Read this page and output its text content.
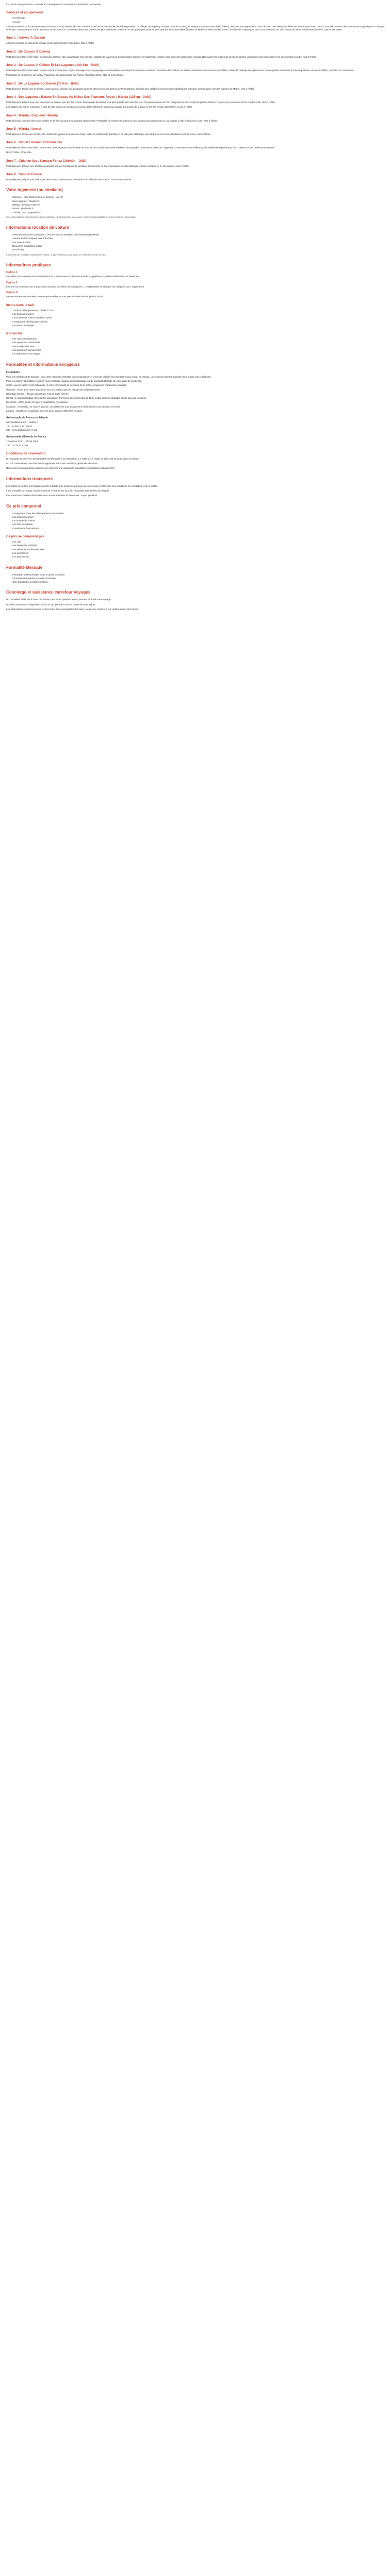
Ce circuit vous permettra ! Un voile en compagnie au Connemara Connemara Connemara.

Services et équipements
• Covoiturage
• Accueil

Ici vous arriverez en fin de découverte de l'Irlande et de l'ensemble des chemins à pied et de l'ensemble des hébergements, du village, auberges qu'au (De Cave de l'Ouest) de Westport au cœur des cités côtières, dans les montagnes et au bord de mer. De Galway à Clifden en passant par le lac Corrib, vous découvrirez des panoramas magnifiques et chargés d'histoire. Cette aventure vous permettra de découvrir le Connemara dans ses recoins les plus préservés, le Burren et ses paysages lunaires ainsi que les incontournables falaises de Moher et enfin les îles d'Aran. Profitez de chaque jour pour vous détendre, en découvrant le calme et l'authenticité de la culture irlandaise.

Jour 1 : Arrivée À Cassou

Accueil et remise du carnet de voyage et des documents à votre hôtel. Nuit à l'hôtel.

Jour 2 : De Cassou À Galway

Petit déjeuner dans votre hôtel. Départ pour Galway, ville universitaire très animée, capitale de la province du Connacht. Galway est également réputée pour son riche patrimoine musical. Découvrez les ruelles de la ville et laissez-vous porter par l'atmosphère de ses nombreux pubs. Nuit à l'hôtel.

Jour 2 : De Cassou À Clifden Et Les Lagunes (140 Km - 3h20)

Petit déjeuner dans votre hôtel. Départ vers le Connemara, région sauvage dont les paysages spectaculaires ont inspiré de nombreux artistes. Traversée des collines de Maam et des lacs des environs de Clifden. Visite de l'abbaye de Kylemore et de ses jardins victoriens. En fin de journée, arrivée à Clifden, capitale du Connemara.

Possibilité de randonnée sur la Sky Road avec ses panoramas sur l'océan Atlantique. Dîner libre et nuit à l'hôtel.

Jour 3 : De La Lagune Du Burren (72 Km - 1h40)

Petit déjeuner. Route vers le Burren, vaste plateau calcaire aux paysages lunaires. Découverte du dolmen de Poulnabrone, l'un des plus célèbres monuments mégalithiques d'Irlande. Continuation vers les falaises de Moher. Nuit à l'hôtel.

Jour 4 : Des Lagunes / Balade En Bateau Au Milieu Des Flamants Roses / Mérida (125km - 2h30)

Petit déjeuner. Départ pour une excursion en bateau vers les îles d'Aran. Découverte d'Inishmore, la plus grande des trois îles, son fort préhistorique de Dún Aonghasa et ses murets de pierres sèches. Retour sur le continent en fin d'après-midi. Nuit à l'hôtel.

Les falaises de Moher culminent à plus de 200 mètres au-dessus de l'océan. Elles offrent un panorama unique sur la baie de Galway et les îles d'Aran. Dîner libre et nuit à l'hôtel.

Jour 4 : Mérida / Cozumel / Mérida

Petit déjeuner. Journée libre pour profiter de la ville ou pour des activités optionnelles. Possibilité de randonnées dans le parc national du Connemara ou de balade à vélo le long de la côte. Nuit à l'hôtel.

Jour 5 : Mérida / Uxmal

Petit déjeuner. Route vers Ennis, ville médiévale typique du comté de Clare. Visite du château de Bunratty et de son parc folklorique qui retrace la vie rurale irlandaise au XIXe siècle. Nuit à l'hôtel.

Jour 6 : Uxmal / Izamal / Chichen Itza

Petit déjeuner dans votre hôtel. Route vers Limerick puis Cashel. Visite du Rocher de Cashel, ensemble médiéval remarquable dominant la plaine du Tipperary. Continuation vers Kilkenny, cité médiévale réputée pour son château et ses ruelles pittoresques.

Nuit à l'hôtel. Dîner libre.

Jour 7 : Chichen Itza / Cancun Fonaz Chichén – 2h30

Petit déjeuner. Départ vers Dublin en passant par les montagnes de Wicklow. Découverte du site monastique de Glendalough. Arrivée à Dublin en fin de journée. Nuit à l'hôtel.

Jour 8 : Cancun France

Petit déjeuner. Départ pour l'aéroport selon votre horaire de vol. Restitution du véhicule de location. Fin de nos services.

Votre logement (ou similaire)
• Cancun : Hôtel Chichen Itza ou Cancun Hotel 4*
• Mes Lagunes : Chalets 3*
• Mérida : Boutique Hôtel 4*
• Uxmal : Hacienda 4*
• Chichen Itza : Mayaland 4*

Ces informations sont données à titre indicatif. L'hébergement peut varier selon la disponibilité au moment de la réservation.

Informations location de voiture
• Véhicule de location catégorie C (Ford Focus ou similaire) avec kilométrage illimité
• Assurance tous risques avec franchise
• Les taxes locales
• Deuxième conducteur inclus
• GPS inclus

Le permis de conduire national est requis. L'âge minimum pour louer un véhicule est de 23 ans.

Informations pratiques
Option 1

Les offres sont valables pour un minimum de 2 personnes en chambre double. Supplément chambre individuelle sur demande.

Option 2

Les prix sont calculés sur la base d'une location de voiture de catégorie C. Il est possible de changer de catégorie avec supplément.

Option 3

Les excursions mentionnées comme optionnelles ne sont pas incluses dans le prix du circuit.

Inclus dans le tarif
• 7 nuits d'hébergement en hôtels 3* et 4*
• Les petits déjeuners
• La location de voiture pendant 7 jours
• L'assistance téléphonique 24h/24
• Le carnet de voyage
Non inclus
• Les vols internationaux
• Les repas non mentionnés
• Les entrées des sites
• Les dépenses personnelles
• Le carburant et les péages
Formalités et informations voyageurs
Formalités

Pour les ressortissants français : une carte nationale d'identité ou un passeport en cours de validité est nécessaire pour entrer en Irlande. Les mineurs doivent posséder leur propre pièce d'identité.

Pour les autres nationalités, veuillez vous renseigner auprès de l'ambassade ou du consulat d'Irlande de votre pays de résidence.

Santé : aucun vaccin n'est obligatoire. Il est recommandé de se munir de la carte européenne d'assurance maladie.

Monnaie : l'euro. Les cartes bancaires sont acceptées dans la plupart des établissements.

Décalage horaire : -1h par rapport à la France toute l'année.

Climat : le climat irlandais est tempéré océanique. Prévoyez des vêtements de pluie et des couches chaudes quelle que soit la saison.

Électricité : 230V, prises de type G (adaptateur nécessaire).

Conduite : en Irlande, on roule à gauche. Les distances sont indiquées en kilomètres et les vitesses en km/h.

Langue : l'anglais et le gaélique sont les deux langues officielles du pays.

Ambassade de France en Irlande

66 Fitzwilliam Lane – Dublin 2

Tél. : (+353) 1 277 50 00

Site : www.ambafrance-ie.org

Ambassade d'Irlande en France

12 avenue Foch – 75116 Paris

Tél. : 01 44 17 67 00

Conditions de réservation

Un acompte de 30 % du montant total est demandé à la réservation. Le solde est à régler au plus tard 30 jours avant le départ.

En cas d'annulation, des frais seront appliqués selon les conditions générales de vente.

Nous vous recommandons vivement de souscrire une assurance annulation et assistance rapatriement.

Informations transports

Les trajets en voiture sont indiqués à titre indicatif. Les temps de parcours peuvent varier en fonction des conditions de circulation et de la météo.

Il est conseillé de ne pas conduire plus de 4 heures par jour afin de profiter pleinement des étapes.

Les routes secondaires irlandaises sont souvent étroites et sinueuses : soyez prudents.

Ce prix comprend
• Le logement dans les hébergements mentionnés
• Les petits déjeuners
• La location de voiture
• Les frais de dossier
• L'assistance francophone
Ce prix ne comprend pas
• Les vols
• Les déjeuners et dîners
• Les visites et entrées des sites
• Les pourboires
• Les assurances
Formalité Mexique
• Passeport valide pendant toute la durée du séjour.
• Formulaire migratoire à remplir à l'arrivée.
• Taxe touristique à régler sur place.
Concierge et assistance carrefour voyages

Un conseiller dédié est à votre disposition pour toute question avant, pendant et après votre voyage.

Numéro d'assistance disponible 24h/24 et 7j/7 pendant toute la durée de votre séjour.

Les informations contenues dans ce document sont susceptibles d'évoluer. Nous vous invitons à les vérifier avant votre départ.
